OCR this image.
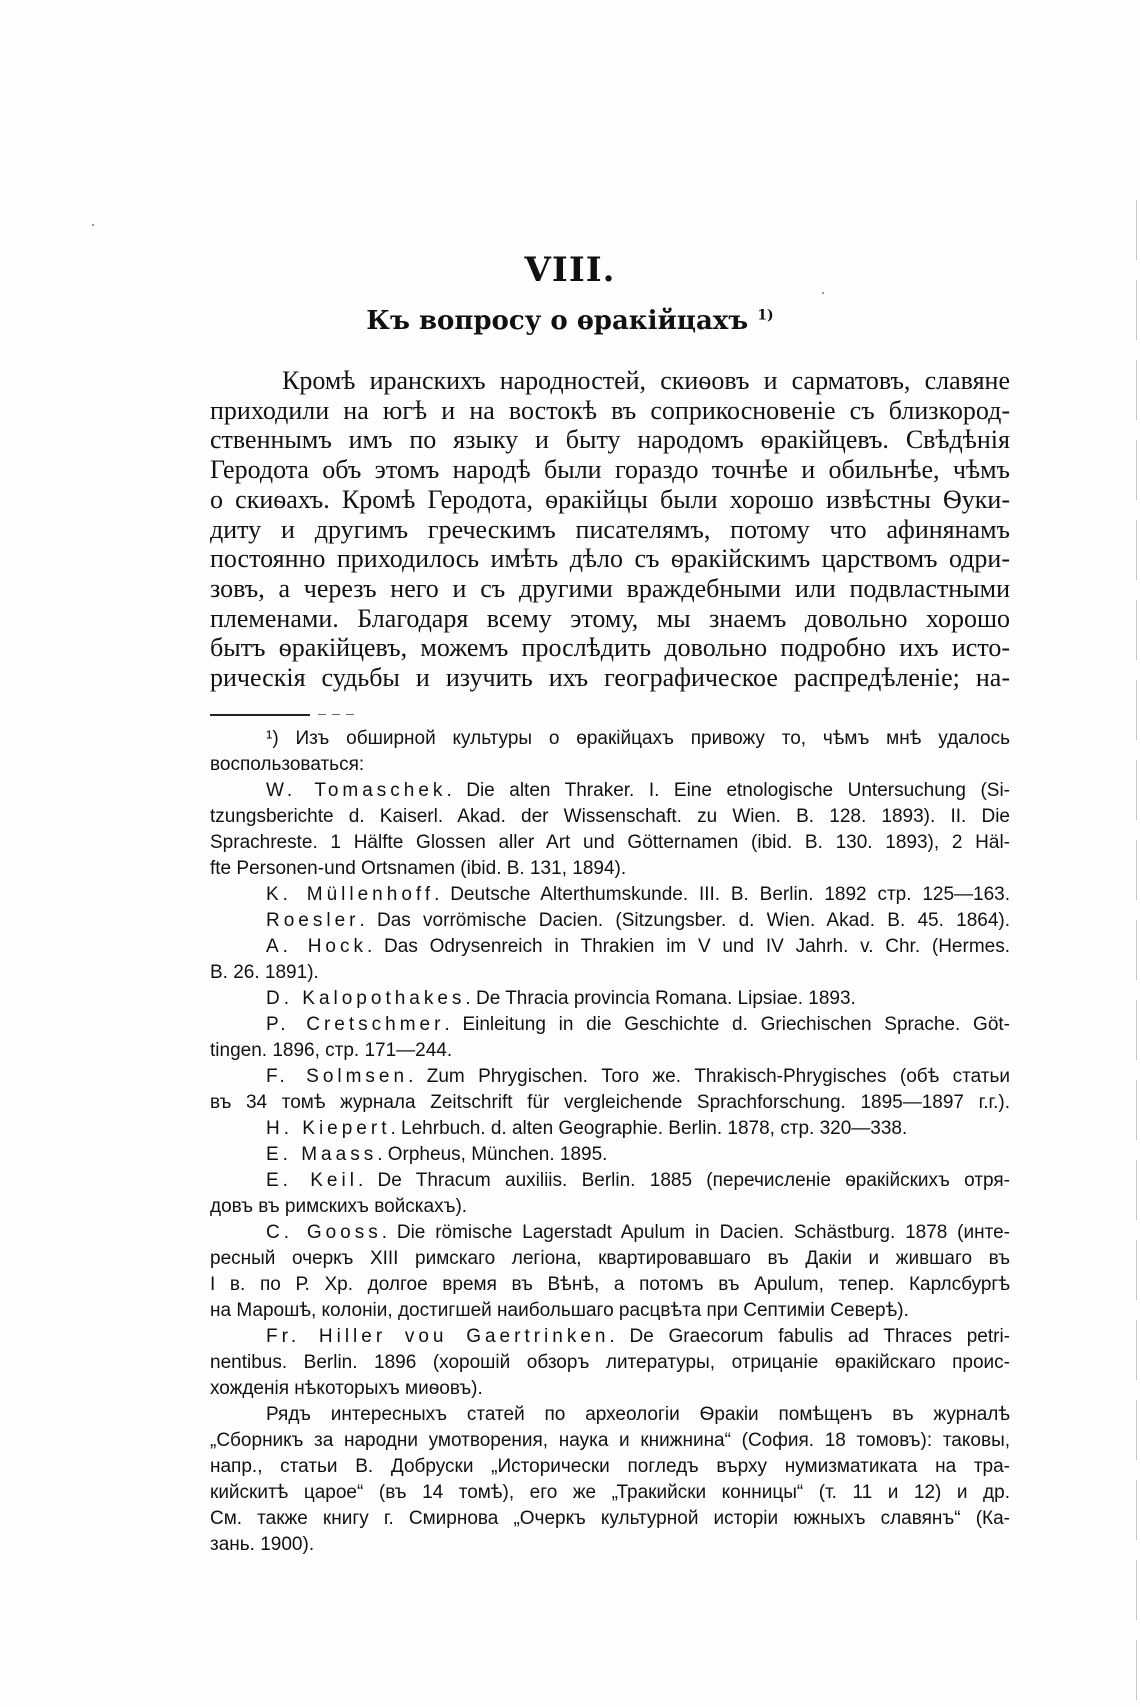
VIII.
Къ вопросу о ѳракійцахъ $^{1)}$
Кромѣ иранскихъ народностей, скиѳовъ и сарматовъ, славяне
приходили на югѣ и на востокѣ въ соприкосновеніе съ близкород-
ственнымъ имъ по языку и быту народомъ ѳракійцевъ. Свѣдѣнія
Геродота объ этомъ народѣ были гораздо точнѣе и обильнѣе, чѣмъ
о скиѳахъ. Кромѣ Геродота, ѳракійцы были хорошо извѣстны Ѳуки-
диту и другимъ греческимъ писателямъ, потому что афинянамъ
постоянно приходилось имѣть дѣло съ ѳракійскимъ царствомъ одри-
зовъ, а черезъ него и съ другими враждебными или подвластными
племенами. Благодаря всему этому, мы знаемъ довольно хорошо
бытъ ѳракійцевъ, можемъ прослѣдить довольно подробно ихъ исто-
рическія судьбы и изучить ихъ географическое распредѣленіе; на-
¹) Изъ обширной культуры о ѳракійцахъ привожу то, чѣмъ мнѣ удалось
воспользоваться:
W. Tomaschek. Die alten Thraker. I. Eine etnologische Untersuchung (Si-
tzungsberichte d. Kaiserl. Akad. der Wissenschaft. zu Wien. B. 128. 1893). II. Die
Sprachreste. 1 Hälfte Glossen aller Art und Götternamen (ibid. B. 130. 1893), 2 Häl-
fte Personen-und Ortsnamen (ibid. B. 131, 1894).
K. Müllenhoff. Deutsche Alterthumskunde. III. B. Berlin. 1892 стр. 125—163.
Roesler. Das vorrömische Dacien. (Sitzungsber. d. Wien. Akad. B. 45. 1864).
A. Hock. Das Odrysenreich in Thrakien im V und IV Jahrh. v. Chr. (Hermes.
B. 26. 1891).
D. Kalopothakes. De Thracia provincia Romana. Lipsiae. 1893.
P. Cretschmer. Einleitung in die Geschichte d. Griechischen Sprache. Göt-
tingen. 1896, стр. 171—244.
F. Solmsen. Zum Phrygischen. Того же. Thrakisch-Phrygisches (обѣ статьи
въ 34 томѣ журнала Zeitschrift für vergleichende Sprachforschung. 1895—1897 г.г.).
H. Kiepert. Lehrbuch. d. alten Geographie. Berlin. 1878, стр. 320—338.
E. Maass. Orpheus, München. 1895.
E. Keil. De Thracum auxiliis. Berlin. 1885 (перечисленіе ѳракійскихъ отря-
довъ въ римскихъ войскахъ).
C. Gooss. Die römische Lagerstadt Apulum in Dacien. Schästburg. 1878 (инте-
ресный очеркъ XIII римскаго легіона, квартировавшаго въ Дакіи и жившаго въ
I в. по Р. Хр. долгое время въ Вѣнѣ, а потомъ въ Apulum, тепер. Карлсбургѣ
на Марошѣ, колоніи, достигшей наибольшаго расцвѣта при Септиміи Северѣ).
Fr. Hiller vou Gaertrinken. De Graecorum fabulis ad Thraces petri-
nentibus. Berlin. 1896 (хорошій обзоръ литературы, отрицаніе ѳракійскаго проис-
хожденія нѣкоторыхъ миѳовъ).
Рядъ интересныхъ статей по археологіи Ѳракіи помѣщенъ въ журналѣ
„Сборникъ за народни умотворения, наука и книжнина“ (София. 18 томовъ): таковы,
напр., статьи В. Добруски „Исторически погледъ върху нумизматиката на тра-
кийскитѣ царое“ (въ 14 томѣ), его же „Тракийски конницы“ (т. 11 и 12) и др.
См. также книгу г. Смирнова „Очеркъ культурной исторіи южныхъ славянъ“ (Ка-
зань. 1900).
